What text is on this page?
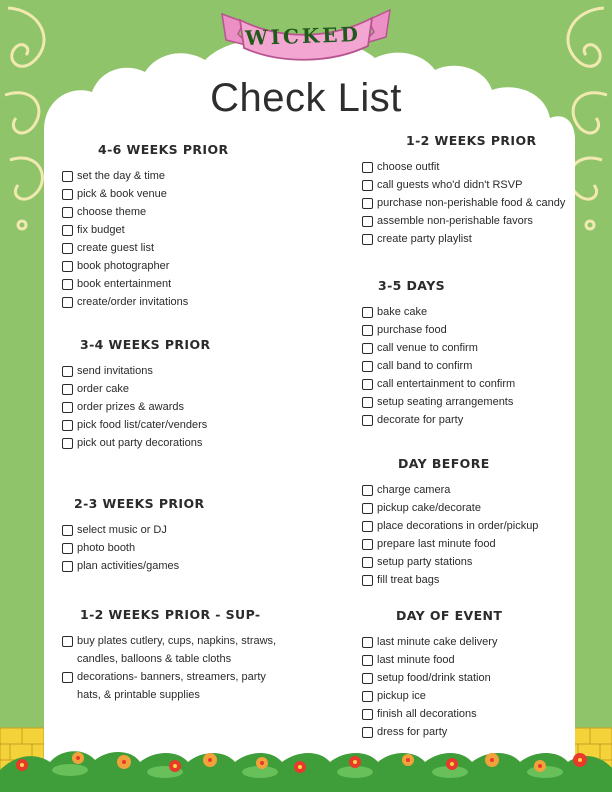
WICKED
Check List
4-6 WEEKS PRIOR
set the day & time
pick & book venue
choose theme
fix budget
create guest list
book photographer
book entertainment
create/order invitations
3-4 WEEKS PRIOR
send invitations
order cake
order prizes & awards
pick food list/cater/venders
pick out party decorations
2-3 WEEKS PRIOR
select music or DJ
photo booth
plan activities/games
1-2 WEEKS PRIOR - SUP-
buy plates cutlery, cups, napkins, straws, candles, balloons & table cloths
decorations- banners, streamers, party hats, & printable supplies
1-2 WEEKS PRIOR
choose outfit
call guests who'd didn't RSVP
purchase non-perishable food & candy
assemble non-perishable favors
create party playlist
3-5 DAYS
bake cake
purchase food
call venue to confirm
call band to confirm
call entertainment to confirm
setup seating arrangements
decorate for party
DAY BEFORE
charge camera
pickup cake/decorate
place decorations in order/pickup
prepare last minute food
setup party stations
fill treat bags
DAY OF EVENT
last minute cake delivery
last minute food
setup food/drink station
pickup ice
finish all decorations
dress for party
